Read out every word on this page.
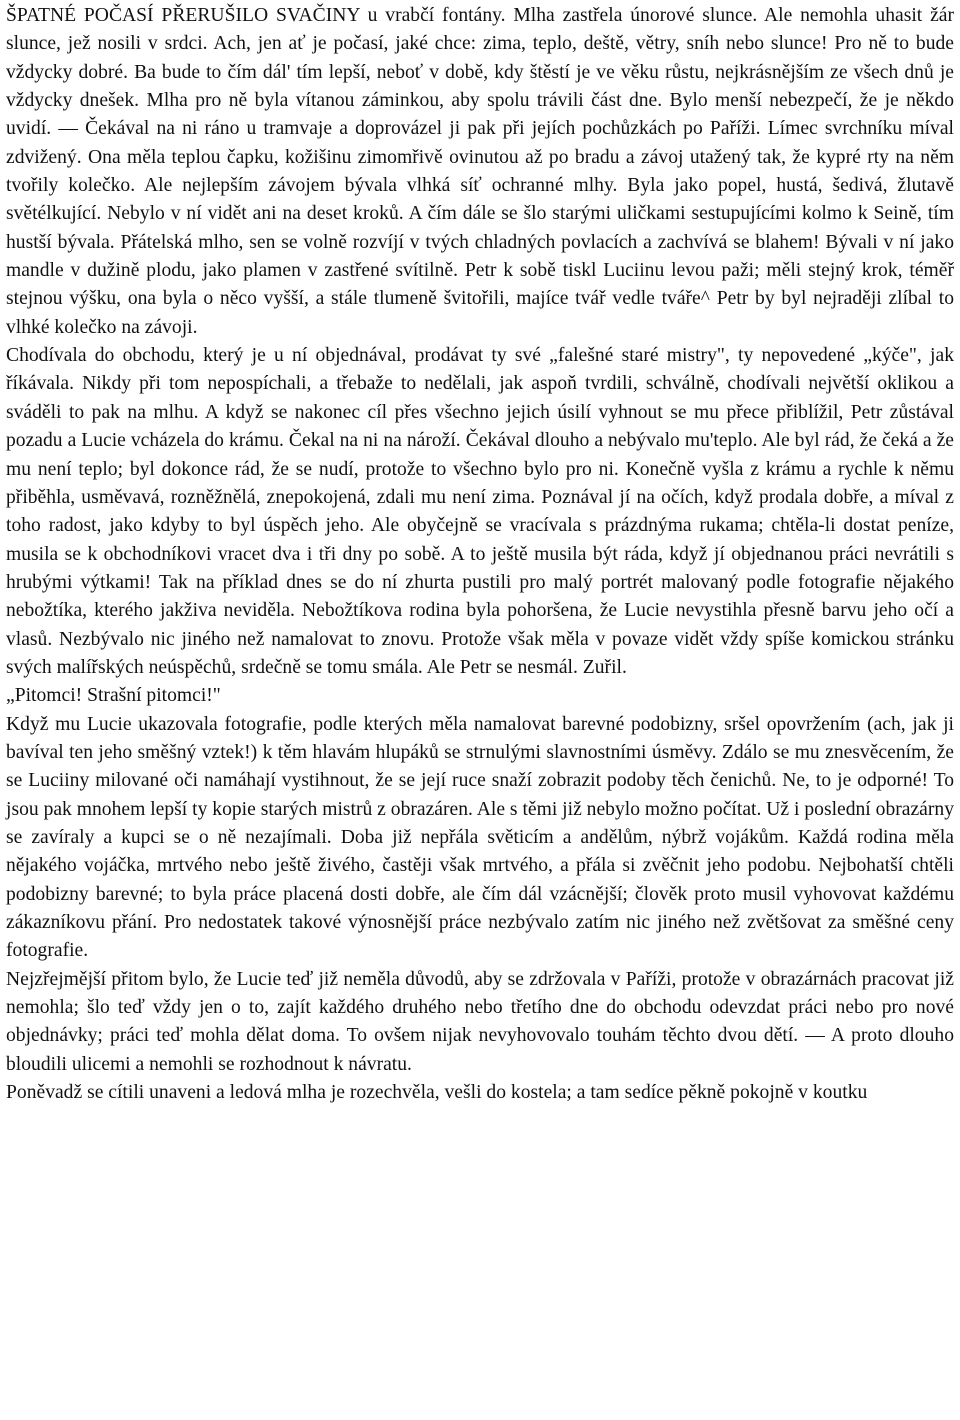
ŠPATNÉ POČASÍ PŘERUŠILO SVAČINY u vrabčí fontány. Mlha zastřela únorové slunce. Ale nemohla uhasit žár slunce, jež nosili v srdci. Ach, jen ať je počasí, jaké chce: zima, teplo, deště, větry, sníh nebo slunce! Pro ně to bude vždycky dobré. Ba bude to čím dál' tím lepší, neboť v době, kdy štěstí je ve věku růstu, nejkrásnějším ze všech dnů je vždycky dnešek. Mlha pro ně byla vítanou záminkou, aby spolu trávili část dne. Bylo menší nebezpečí, že je někdo uvidí. — Čekával na ni ráno u tramvaje a doprovázel ji pak při jejích pochůzkách po Paříži. Límec svrchníku míval zdvižený. Ona měla teplou čapku, kožišinu zimomřivě ovinutou až po bradu a závoj utažený tak, že kypré rty na něm tvořily kolečko. Ale nejlepším závojem bývala vlhká síť ochranné mlhy. Byla jako popel, hustá, šedivá, žlutavě světélkující. Nebylo v ní vidět ani na deset kroků. A čím dále se šlo starými uličkami sestupujícími kolmo k Seině, tím hustší bývala. Přátelská mlho, sen se volně rozvíjí v tvých chladných povlacích a zachvívá se blahem! Bývali v ní jako mandle v dužině plodu, jako plamen v zastřené svítilně. Petr k sobě tiskl Luciinu levou paži; měli stejný krok, téměř stejnou výšku, ona byla o něco vyšší, a stále tlumeně švitořili, majíce tvář vedle tváře^ Petr by byl nejraději zlíbal to vlhké kolečko na závoji.

Chodívala do obchodu, který je u ní objednával, prodávat ty své „falešné staré mistry", ty nepovedené „kýče", jak říkávala. Nikdy při tom nepospíchali, a třebaže to nedělali, jak aspoň tvrdili, schválně, chodívali největší oklikou a sváděli to pak na mlhu. A když se nakonec cíl přes všechno jejich úsilí vyhnout se mu přece přiblížil, Petr zůstával pozadu a Lucie vcházela do krámu. Čekal na ni na nároží. Čekával dlouho a nebývalo mu'teplo. Ale byl rád, že čeká a že mu není teplo; byl dokonce rád, že se nudí, protože to všechno bylo pro ni. Konečně vyšla z krámu a rychle k němu přiběhla, usměvavá, rozněžnělá, znepokojená, zdali mu není zima. Poznával jí na očích, když prodala dobře, a míval z toho radost, jako kdyby to byl úspěch jeho. Ale obyčejně se vracívala s prázdnýma rukama; chtěla-li dostat peníze, musila se k obchodníkovi vracet dva i tři dny po sobě. A to ještě musila být ráda, když jí objednanou práci nevrátili s hrubými výtkami! Tak na příklad dnes se do ní zhurta pustili pro malý portrét malovaný podle fotografie nějakého nebožtíka, kterého jakživa neviděla. Nebožtíkova rodina byla pohoršena, že Lucie nevystihla přesně barvu jeho očí a vlasů. Nezbývalo nic jiného než namalovat to znovu. Protože však měla v povaze vidět vždy spíše komickou stránku svých malířských neúspěchů, srdečně se tomu smála. Ale Petr se nesmál. Zuřil.

„Pitomci! Strašní pitomci!"

Když mu Lucie ukazovala fotografie, podle kterých měla namalovat barevné podobizny, sršel opovržením (ach, jak ji bavíval ten jeho směšný vztek!) k těm hlavám hlupáků se strnulými slavnostními úsměvy. Zdálo se mu znesvěcením, že se Luciiny milované oči namáhají vystihnout, že se její ruce snaží zobrazit podoby těch čenichů. Ne, to je odporné! To jsou pak mnohem lepší ty kopie starých mistrů z obrazáren. Ale s těmi již nebylo možno počítat. Už i poslední obrazárny se zavíraly a kupci se o ně nezajímali. Doba již nepřála světicím a andělům, nýbrž vojákům. Každá rodina měla nějakého vojáčka, mrtvého nebo ještě živého, častěji však mrtvého, a přála si zvěčnit jeho podobu. Nejbohatší chtěli podobizny barevné; to byla práce placená dosti dobře, ale čím dál vzácnější; člověk proto musil vyhovovat každému zákazníkovu přání. Pro nedostatek takové výnosnější práce nezbývalo zatím nic jiného než zvětšovat za směšné ceny fotografie.

Nejzřejmější přitom bylo, že Lucie teď již neměla důvodů, aby se zdržovala v Paříži, protože v obrazárnách pracovat již nemohla; šlo teď vždy jen o to, zajít každého druhého nebo třetího dne do obchodu odevzdat práci nebo pro nové objednávky; práci teď mohla dělat doma. To ovšem nijak nevyhovovalo touhám těchto dvou dětí. — A proto dlouho bloudili ulicemi a nemohli se rozhodnout k návratu.

Poněvadž se cítili unaveni a ledová mlha je rozechvěla, vešli do kostela; a tam sedíce pěkně pokojně v koutku
